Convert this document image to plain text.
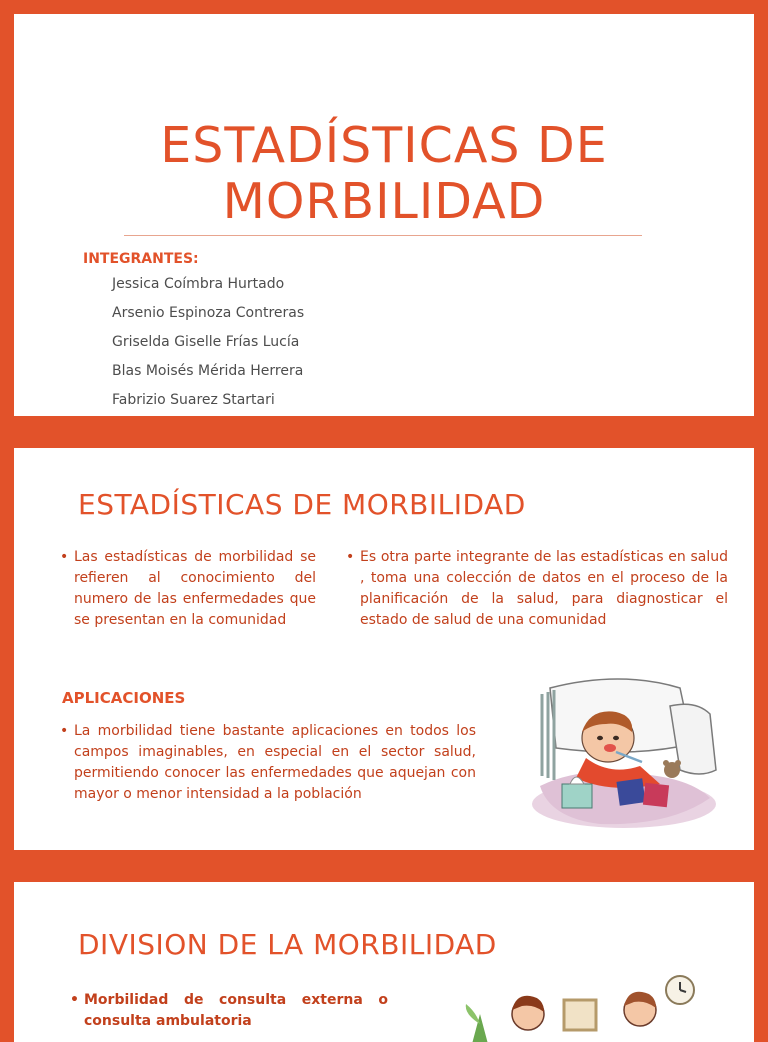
ESTADÍSTICAS DE
MORBILIDAD
INTEGRANTES:
Jessica Coímbra Hurtado
Arsenio Espinoza Contreras
Griselda Giselle Frías Lucía
Blas Moisés Mérida Herrera
Fabrizio Suarez Startari
ESTADÍSTICAS DE MORBILIDAD
• Las estadísticas de morbilidad se refieren al conocimiento del numero de las enfermedades que se presentan en la comunidad
• Es otra parte integrante de las estadísticas en salud , toma una colección de datos en el proceso de la planificación de la salud, para diagnosticar el estado de salud de una comunidad
APLICACIONES
• La morbilidad tiene bastante aplicaciones en todos los campos imaginables, en especial en el sector salud, permitiendo conocer las enfermedades que aquejan con mayor o menor intensidad a la población
DIVISION DE LA MORBILIDAD
• Morbilidad de consulta externa o consulta ambulatoria
